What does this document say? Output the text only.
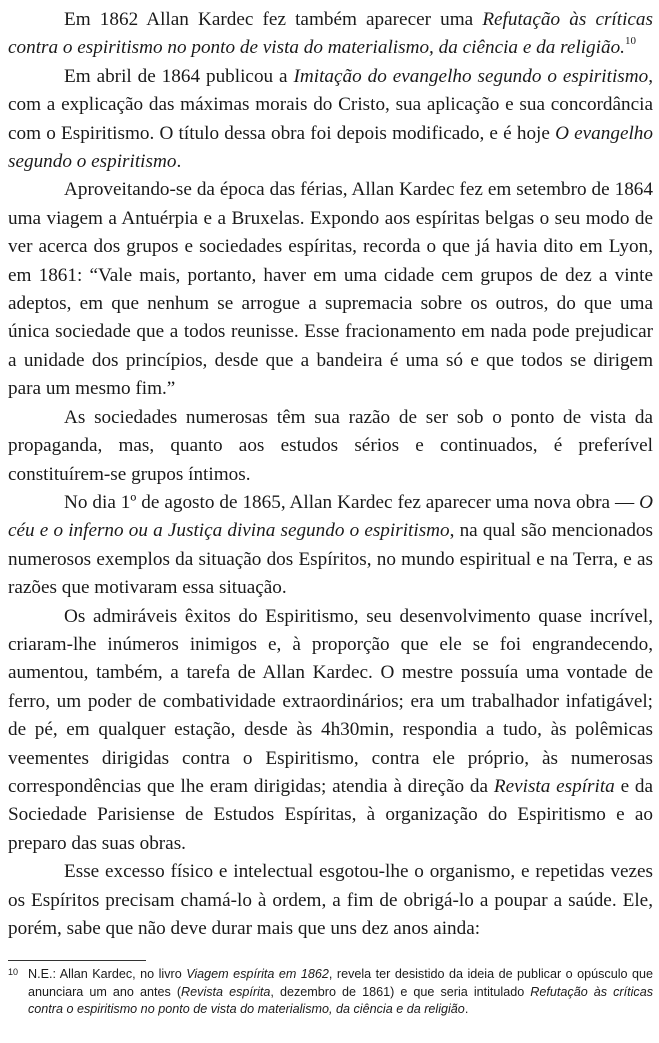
Em 1862 Allan Kardec fez também aparecer uma Refutação às críticas contra o espiritismo no ponto de vista do materialismo, da ciência e da religião.$^{10}$

Em abril de 1864 publicou a Imitação do evangelho segundo o espiritismo, com a explicação das máximas morais do Cristo, sua aplicação e sua concordância com o Espiritismo. O título dessa obra foi depois modificado, e é hoje O evangelho segundo o espiritismo.

Aproveitando-se da época das férias, Allan Kardec fez em setembro de 1864 uma viagem a Antuérpia e a Bruxelas. Expondo aos espíritas belgas o seu modo de ver acerca dos grupos e sociedades espíritas, recorda o que já havia dito em Lyon, em 1861: “Vale mais, portanto, haver em uma cidade cem grupos de dez a vinte adeptos, em que nenhum se arrogue a supremacia sobre os outros, do que uma única sociedade que a todos reunisse. Esse fracionamento em nada pode prejudicar a unidade dos princípios, desde que a bandeira é uma só e que todos se dirigem para um mesmo fim.”

As sociedades numerosas têm sua razão de ser sob o ponto de vista da propaganda, mas, quanto aos estudos sérios e continuados, é preferível constituírem-se grupos íntimos.

No dia 1º de agosto de 1865, Allan Kardec fez aparecer uma nova obra — O céu e o inferno ou a Justiça divina segundo o espiritismo, na qual são mencionados numerosos exemplos da situação dos Espíritos, no mundo espiritual e na Terra, e as razões que motivaram essa situação.

Os admiráveis êxitos do Espiritismo, seu desenvolvimento quase incrível, criaram-lhe inúmeros inimigos e, à proporção que ele se foi engrandecendo, aumentou, também, a tarefa de Allan Kardec. O mestre possuía uma vontade de ferro, um poder de combatividade extraordinários; era um trabalhador infatigável; de pé, em qualquer estação, desde às 4h30min, respondia a tudo, às polêmicas veementes dirigidas contra o Espiritismo, contra ele próprio, às numerosas correspondências que lhe eram dirigidas; atendia à direção da Revista espírita e da Sociedade Parisiense de Estudos Espíritas, à organização do Espiritismo e ao preparo das suas obras.

Esse excesso físico e intelectual esgotou-lhe o organismo, e repetidas vezes os Espíritos precisam chamá-lo à ordem, a fim de obrigá-lo a poupar a saúde. Ele, porém, sabe que não deve durar mais que uns dez anos ainda:

10 N.E.: Allan Kardec, no livro Viagem espírita em 1862, revela ter desistido da ideia de publicar o opúsculo que anunciara um ano antes (Revista espírita, dezembro de 1861) e que seria intitulado Refutação às críticas contra o espiritismo no ponto de vista do materialismo, da ciência e da religião.
